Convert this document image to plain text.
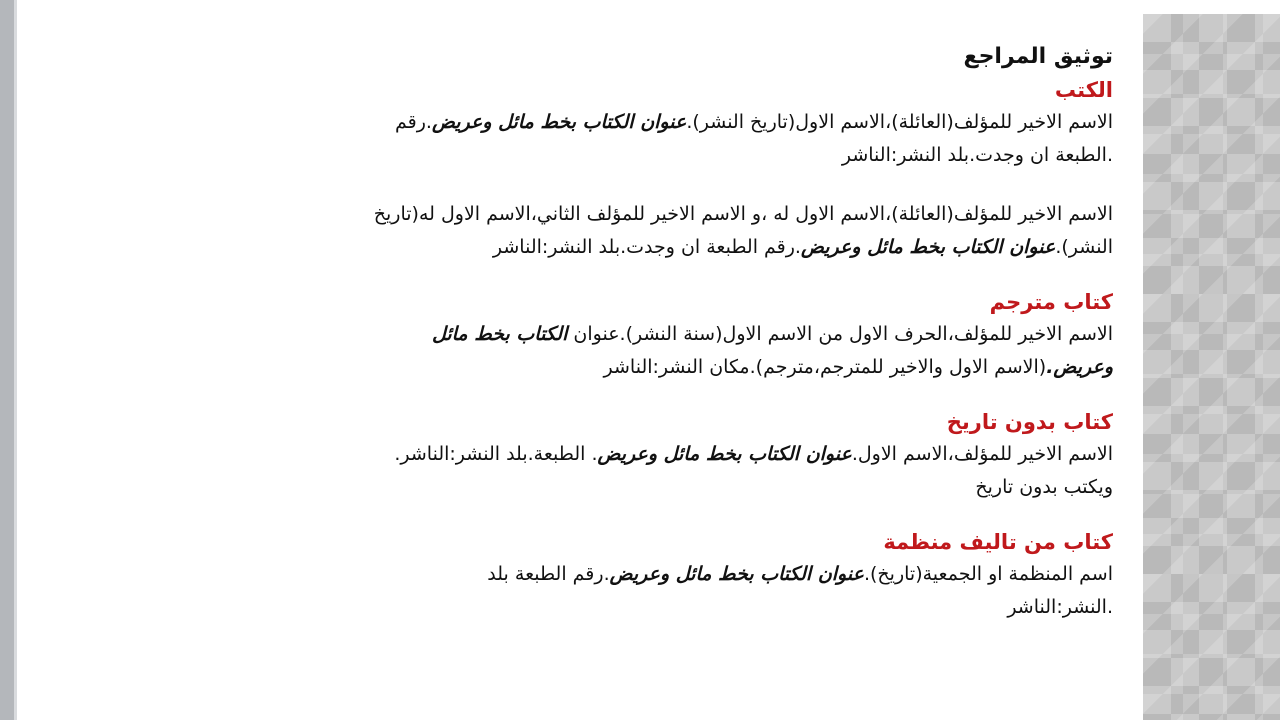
توثيق المراجع

الكتب

الاسم الاخير للمؤلف(العائلة)،الاسم الاول(تاريخ النشر).عنوان الكتاب بخط مائل وعريض.رقم

.الطبعة ان وجدت.بلد النشر:الناشر

الاسم الاخير للمؤلف(العائلة)،الاسم الاول له ،و الاسم الاخير للمؤلف الثاني،الاسم الاول له(تاريخ

النشر).عنوان الكتاب بخط مائل وعريض.رقم الطبعة ان وجدت.بلد النشر:الناشر

كتاب مترجم

الاسم الاخير للمؤلف،الحرف الاول من الاسم الاول(سنة النشر).عنوان الكتاب بخط مائل

وعريض.(الاسم الاول والاخير للمترجم،مترجم).مكان النشر:الناشر

كتاب بدون تاريخ

الاسم الاخير للمؤلف،الاسم الاول.عنوان الكتاب بخط مائل وعريض. الطبعة.بلد النشر:الناشر.

ويكتب بدون تاريخ

كتاب من تاليف منظمة

اسم المنظمة او الجمعية(تاريخ).عنوان الكتاب بخط مائل وعريض.رقم الطبعة بلد

.النشر:الناشر
